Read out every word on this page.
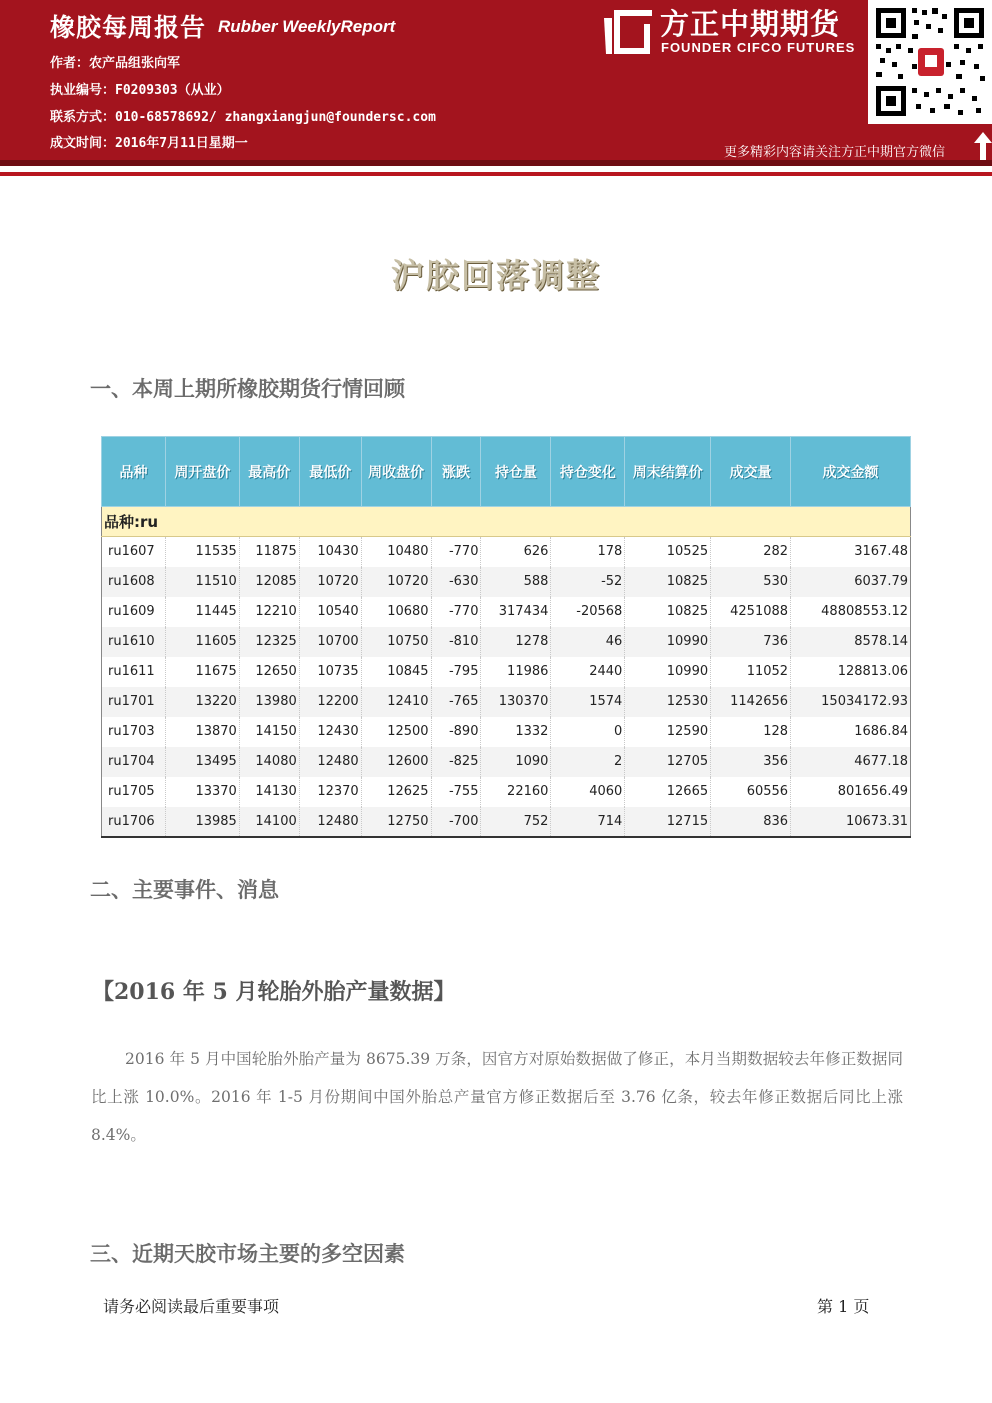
橡胶每周报告 Rubber WeeklyReport
作者：农产品组张向军
执业编号：F0209303（从业）
联系方式：010-68578692/ zhangxiangjun@foundersc.com
成文时间：2016年7月11日星期一
方正中期期货
FOUNDER CIFCO FUTURES
更多精彩内容请关注方正中期官方微信
沪胶回落调整
一、本周上期所橡胶期货行情回顾
品种	周开盘价	最高价	最低价	周收盘价	涨跌	持仓量	持仓变化	周末结算价	成交量	成交金额
品种:ru										
ru1607	11535	11875	10430	10480	-770	626	178	10525	282	3167.48
ru1608	11510	12085	10720	10720	-630	588	-52	10825	530	6037.79
ru1609	11445	12210	10540	10680	-770	317434	-20568	10825	4251088	48808553.12
ru1610	11605	12325	10700	10750	-810	1278	46	10990	736	8578.14
ru1611	11675	12650	10735	10845	-795	11986	2440	10990	11052	128813.06
ru1701	13220	13980	12200	12410	-765	130370	1574	12530	1142656	15034172.93
ru1703	13870	14150	12430	12500	-890	1332	0	12590	128	1686.84
ru1704	13495	14080	12480	12600	-825	1090	2	12705	356	4677.18
ru1705	13370	14130	12370	12625	-755	22160	4060	12665	60556	801656.49
ru1706	13985	14100	12480	12750	-700	752	714	12715	836	10673.31
二、主要事件、消息
【2016 年 5 月轮胎外胎产量数据】
2016 年 5 月中国轮胎外胎产量为 8675.39 万条，因官方对原始数据做了修正，本月当期数据较去年修正数据同比上涨 10.0%。2016 年 1-5 月份期间中国外胎总产量官方修正数据后至 3.76 亿条，较去年修正数据后同比上涨 8.4%。
三、近期天胶市场主要的多空因素
请务必阅读最后重要事项	第 1 页
